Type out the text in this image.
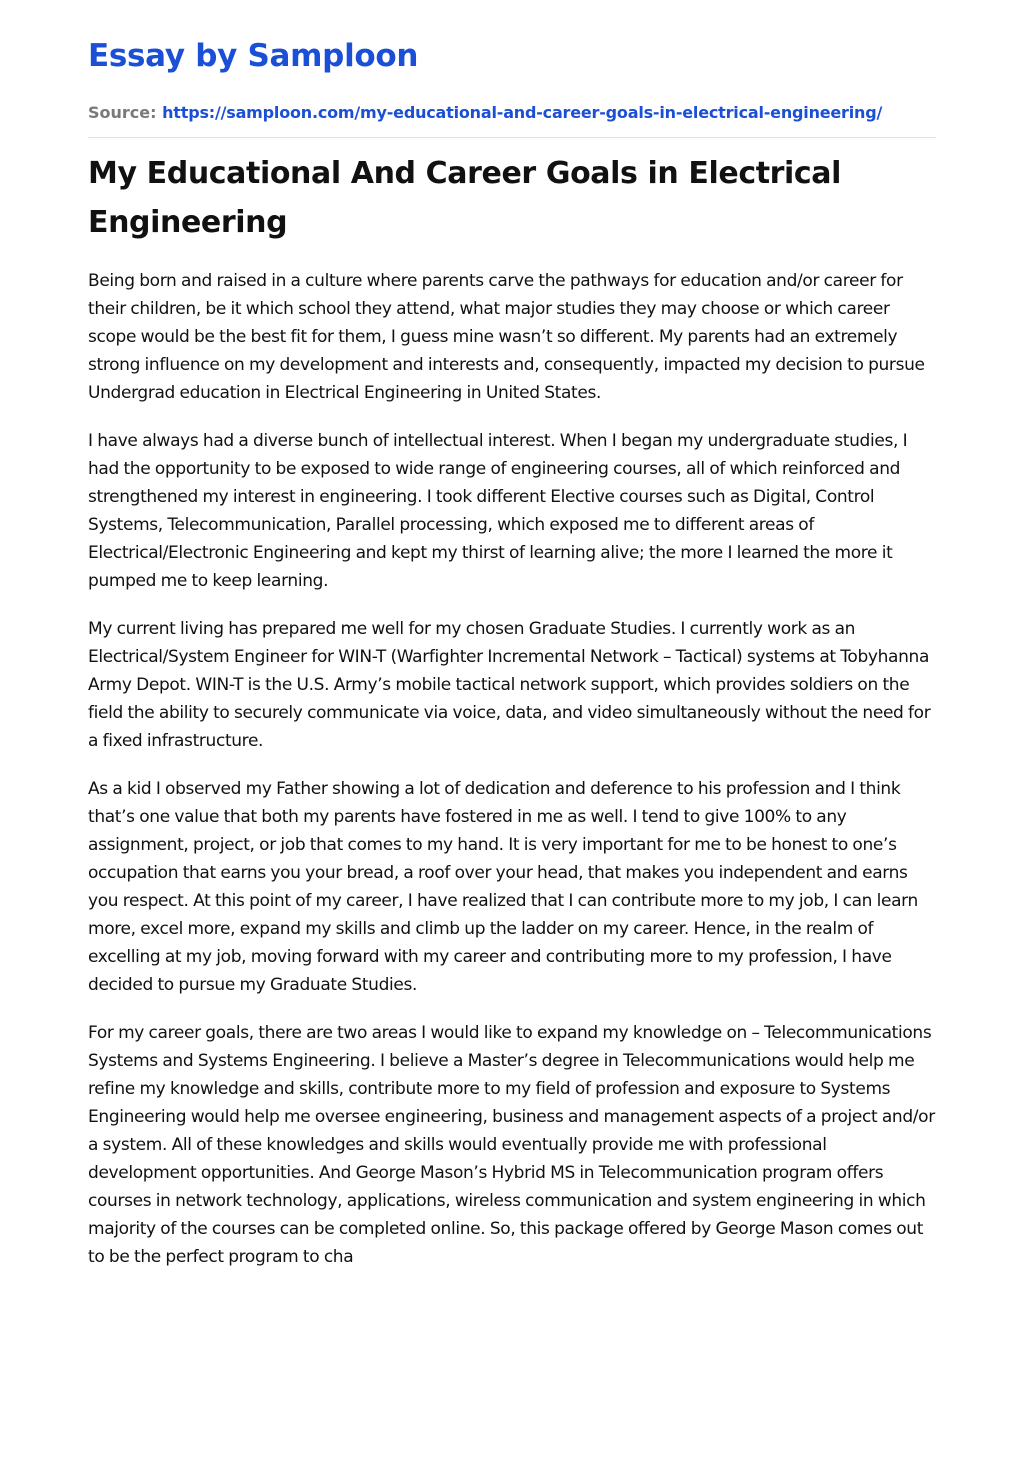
Essay by Samploon
Source: https://samploon.com/my-educational-and-career-goals-in-electrical-engineering/
My Educational And Career Goals in Electrical Engineering

Being born and raised in a culture where parents carve the pathways for education and/or career for their children, be it which school they attend, what major studies they may choose or which career scope would be the best fit for them, I guess mine wasn’t so different. My parents had an extremely strong influence on my development and interests and, consequently, impacted my decision to pursue Undergrad education in Electrical Engineering in United States.

I have always had a diverse bunch of intellectual interest. When I began my undergraduate studies, I had the opportunity to be exposed to wide range of engineering courses, all of which reinforced and strengthened my interest in engineering. I took different Elective courses such as Digital, Control Systems, Telecommunication, Parallel processing, which exposed me to different areas of Electrical/Electronic Engineering and kept my thirst of learning alive; the more I learned the more it pumped me to keep learning.

My current living has prepared me well for my chosen Graduate Studies. I currently work as an Electrical/System Engineer for WIN-T (Warfighter Incremental Network – Tactical) systems at Tobyhanna Army Depot. WIN-T is the U.S. Army’s mobile tactical network support, which provides soldiers on the field the ability to securely communicate via voice, data, and video simultaneously without the need for a fixed infrastructure.

As a kid I observed my Father showing a lot of dedication and deference to his profession and I think that’s one value that both my parents have fostered in me as well. I tend to give 100% to any assignment, project, or job that comes to my hand. It is very important for me to be honest to one’s occupation that earns you your bread, a roof over your head, that makes you independent and earns you respect. At this point of my career, I have realized that I can contribute more to my job, I can learn more, excel more, expand my skills and climb up the ladder on my career. Hence, in the realm of excelling at my job, moving forward with my career and contributing more to my profession, I have decided to pursue my Graduate Studies.

For my career goals, there are two areas I would like to expand my knowledge on – Telecommunications Systems and Systems Engineering. I believe a Master’s degree in Telecommunications would help me refine my knowledge and skills, contribute more to my field of profession and exposure to Systems Engineering would help me oversee engineering, business and management aspects of a project and/or a system. All of these knowledges and skills would eventually provide me with professional development opportunities. And George Mason’s Hybrid MS in Telecommunication program offers courses in network technology, applications, wireless communication and system engineering in which majority of the courses can be completed online. So, this package offered by George Mason comes out to be the perfect program to cha
